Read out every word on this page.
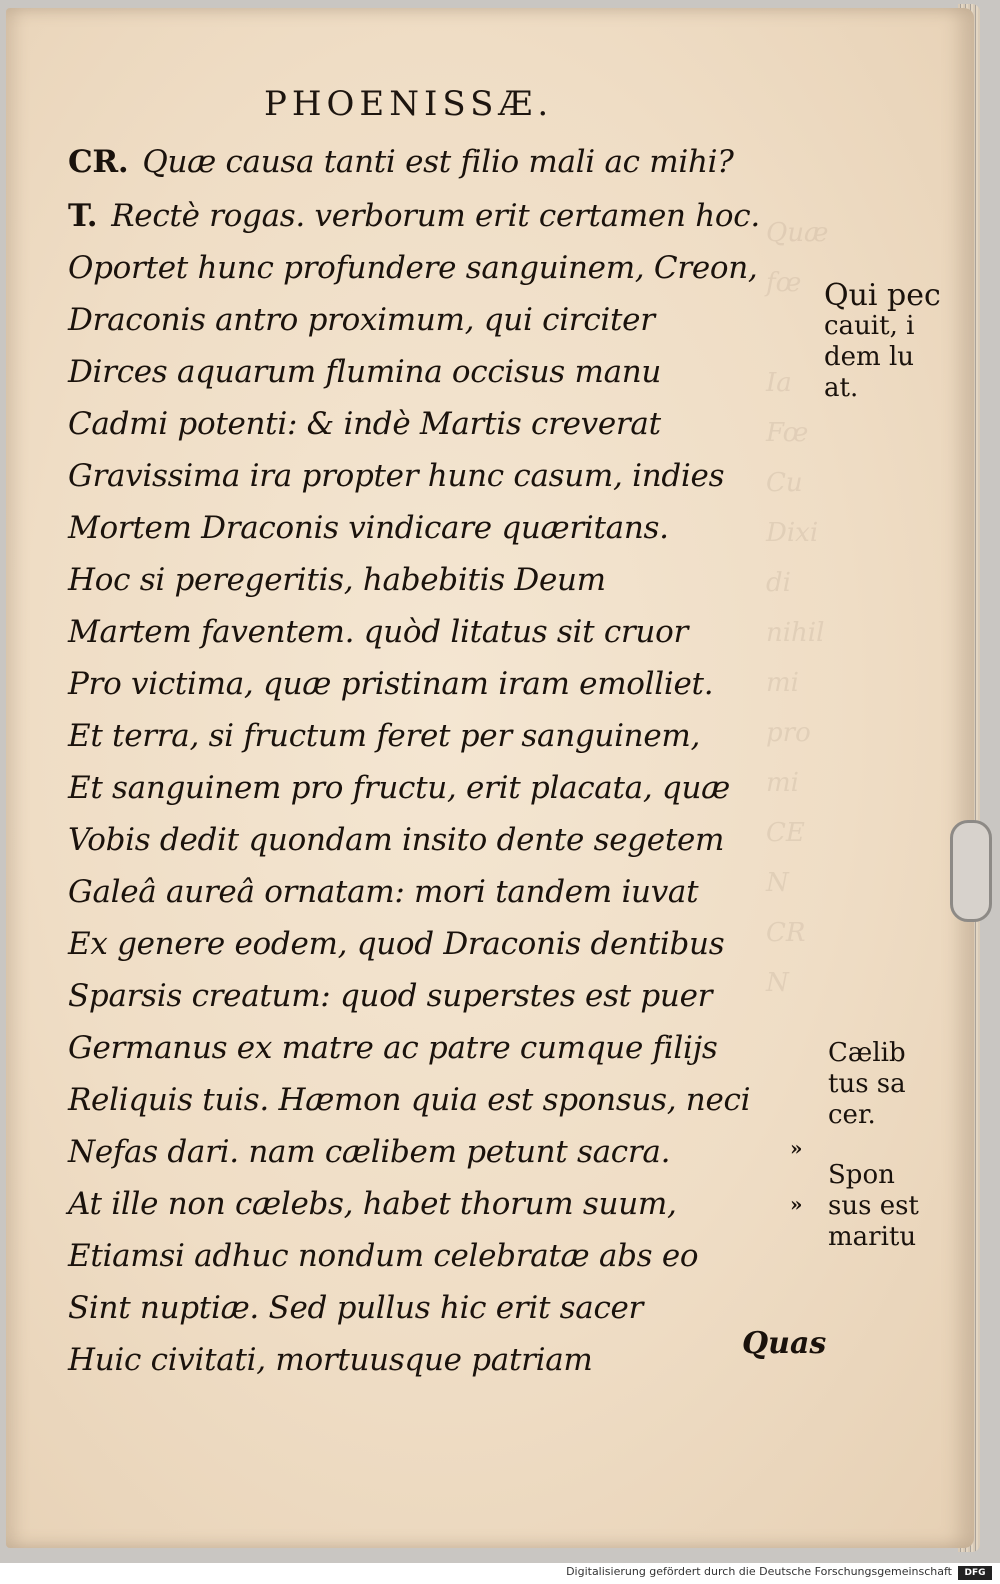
Quæ
fœ

Ia
Fœ
Cu
Dixi
di
nihil
mi
pro
mi
CE
N
CR
N

PHOENISSÆ.
CR. Quæ causa tanti est filio mali ac mihi?
T. Rectè rogas. verborum erit certamen hoc.
Oportet hunc profundere sanguinem, Creon,
Draconis antro proximum, qui circiter
Dirces aquarum flumina occisus manu
Cadmi potenti: & indè Martis creverat
Gravissima ira propter hunc casum, indies
Mortem Draconis vindicare quæritans.
Hoc si peregeritis, habebitis Deum
Martem faventem. quòd litatus sit cruor
Pro victima, quæ pristinam iram emolliet.
Et terra, si fructum feret per sanguinem,
Et sanguinem pro fructu, erit placata, quæ
Vobis dedit quondam insito dente segetem
Galeâ aureâ ornatam: mori tandem iuvat
Ex genere eodem, quod Draconis dentibus
Sparsis creatum: quod superstes est puer
Germanus ex matre ac patre cumque filijs
Reliquis tuis. Hæmon quia est sponsus, neci
Nefas dari. nam cælibem petunt sacra.
At ille non cælebs, habet thorum suum,
Etiamsi adhuc nondum celebratæ abs eo
Sint nuptiæ. Sed pullus hic erit sacer
Huic civitati, mortuusque patriam
Qui pec
cauit, i
dem lu
at.
Cælib
tus sa
cer.
»
Spon
sus est
maritu
»
Quas
Digitalisierung gefördert durch die Deutsche Forschungsgemeinschaft	DFG
